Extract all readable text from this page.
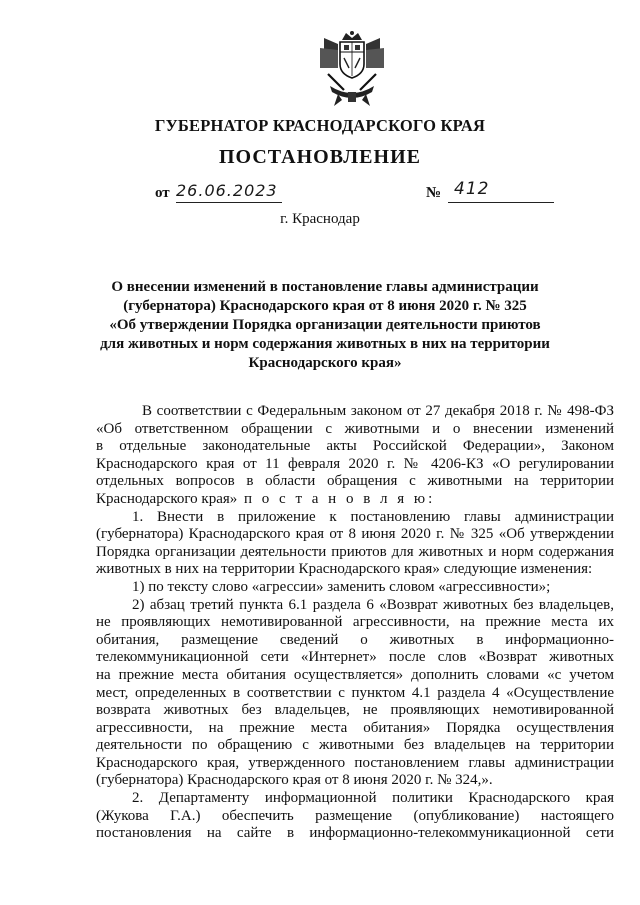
ГУБЕРНАТОР КРАСНОДАРСКОГО КРАЯ
ПОСТАНОВЛЕНИЕ
от 26.06.2023	№ 412
г. Краснодар
О внесении изменений в постановление главы администрации
(губернатора) Краснодарского края от 8 июня 2020 г. № 325
«Об утверждении Порядка организации деятельности приютов
для животных и норм содержания животных в них на территории
Краснодарского края»
В соответствии с Федеральным законом от 27 декабря 2018 г. № 498-ФЗ
«Об ответственном обращении с животными и о внесении изменений
в отдельные законодательные акты Российской Федерации», Законом
Краснодарского края от 11 февраля 2020 г. № 4206-КЗ «О регулировании
отдельных вопросов в области обращения с животными на территории
Краснодарского края» п о с т а н о в л я ю:
1. Внести в приложение к постановлению главы администрации
(губернатора) Краснодарского края от 8 июня 2020 г. № 325 «Об утверждении
Порядка организации деятельности приютов для животных и норм содержания
животных в них на территории Краснодарского края» следующие изменения:
1) по тексту слово «агрессии» заменить словом «агрессивности»;
2) абзац третий пункта 6.1 раздела 6 «Возврат животных без владельцев,
не проявляющих немотивированной агрессивности, на прежние места их
обитания, размещение сведений о животных в информационно-
телекоммуникационной сети «Интернет» после слов «Возврат животных
на прежние места обитания осуществляется» дополнить словами «с учетом
мест, определенных в соответствии с пунктом 4.1 раздела 4 «Осуществление
возврата животных без владельцев, не проявляющих немотивированной
агрессивности, на прежние места обитания» Порядка осуществления
деятельности по обращению с животными без владельцев на территории
Краснодарского края, утвержденного постановлением главы администрации
(губернатора) Краснодарского края от 8 июня 2020 г. № 324,».
2. Департаменту информационной политики Краснодарского края
(Жукова Г.А.) обеспечить размещение (опубликование) настоящего
постановления на сайте в информационно-телекоммуникационной сети
